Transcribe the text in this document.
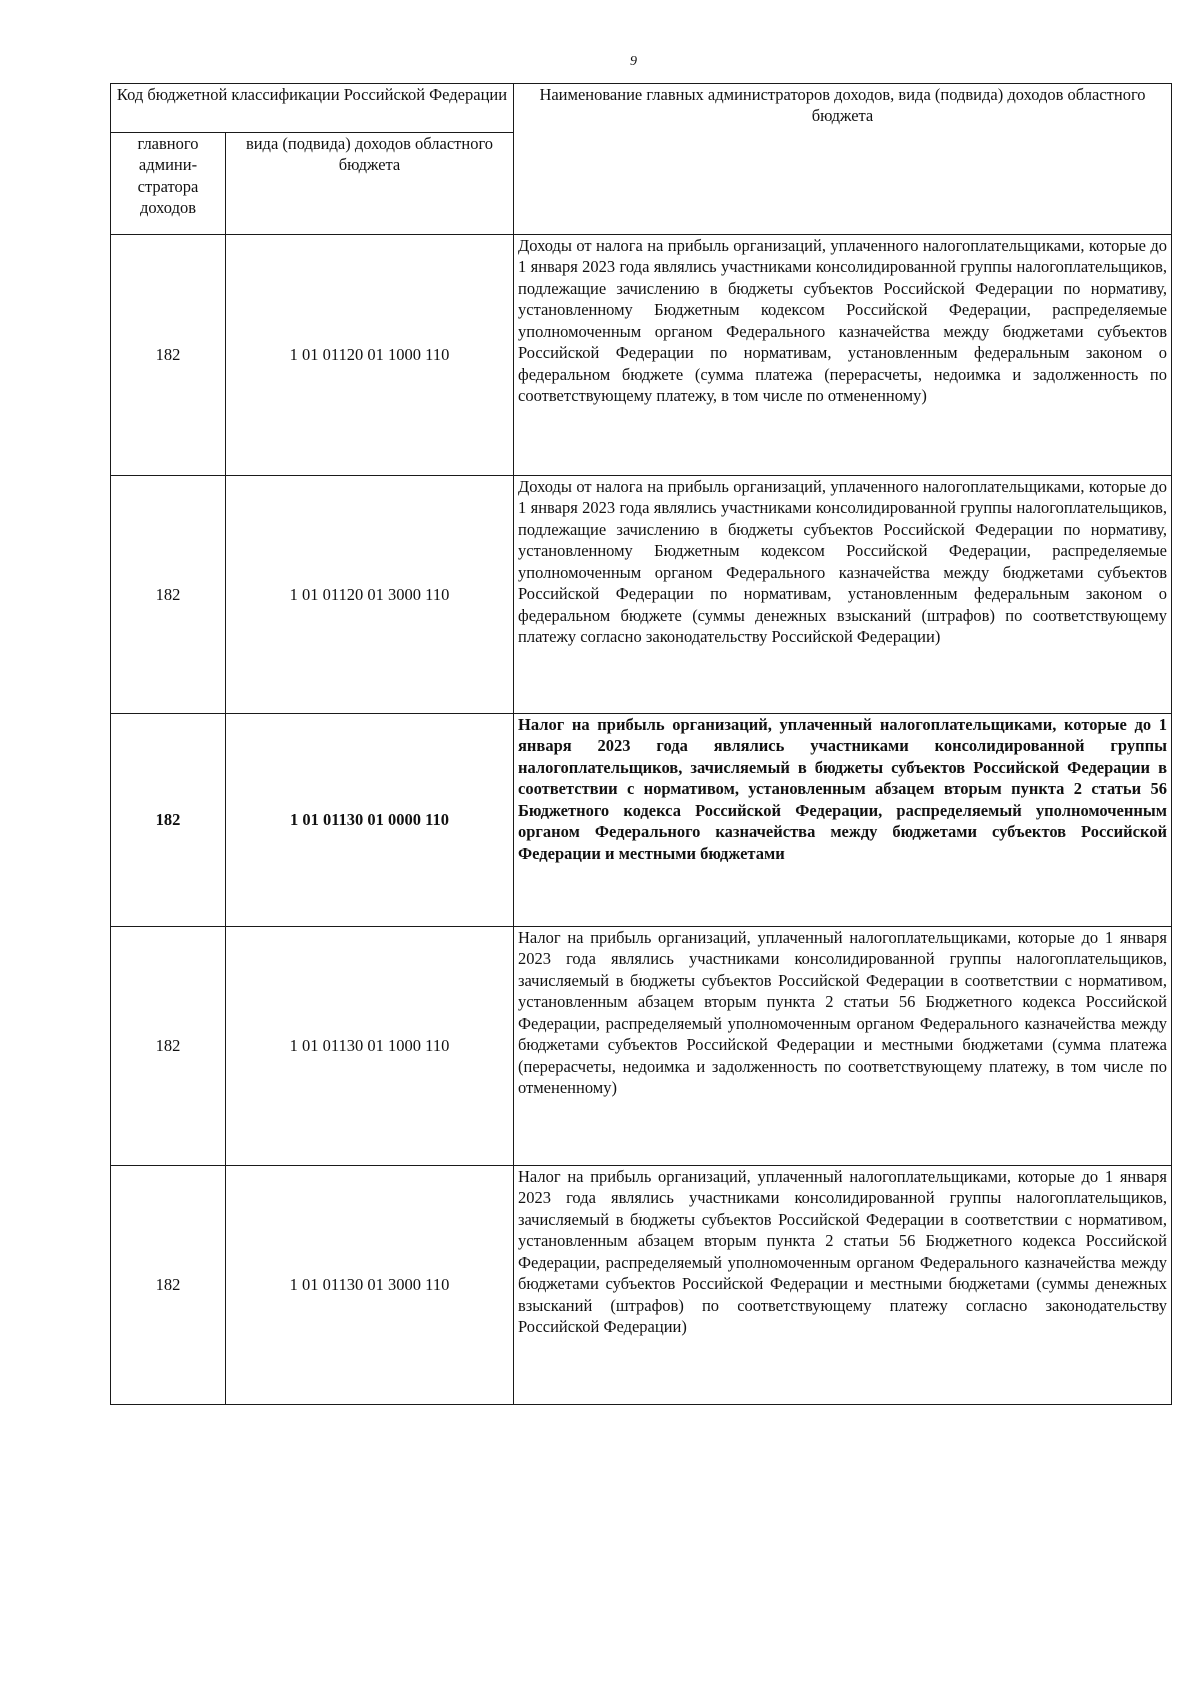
9
Код бюджетной классификации Российской Федерации		Наименование главных администраторов доходов, вида (подвида) доходов областного бюджета
главного админи- стратора доходов	вида (подвида) доходов областного бюджета	
182	1 01 01120 01 1000 110	Доходы от налога на прибыль организаций, уплаченного налогоплательщиками, которые до 1 января 2023 года являлись участниками консолидированной группы налогоплательщиков, подлежащие зачислению в бюджеты субъектов Российской Федерации по нормативу, установленному Бюджетным кодексом Российской Федерации, распределяемые уполномоченным органом Федерального казначейства между бюджетами субъектов Российской Федерации по нормативам, установленным федеральным законом о федеральном бюджете (сумма платежа (перерасчеты, недоимка и задолженность по соответствующему платежу, в том числе по отмененному)
182	1 01 01120 01 3000 110	Доходы от налога на прибыль организаций, уплаченного налогоплательщиками, которые до 1 января 2023 года являлись участниками консолидированной группы налогоплательщиков, подлежащие зачислению в бюджеты субъектов Российской Федерации по нормативу, установленному Бюджетным кодексом Российской Федерации, распределяемые уполномоченным органом Федерального казначейства между бюджетами субъектов Российской Федерации по нормативам, установленным федеральным законом о федеральном бюджете (суммы денежных взысканий (штрафов) по соответствующему платежу согласно законодательству Российской Федерации)
182	1 01 01130 01 0000 110	Налог на прибыль организаций, уплаченный налогоплательщиками, которые до 1 января 2023 года являлись участниками консолидированной группы налогоплательщиков, зачисляемый в бюджеты субъектов Российской Федерации в соответствии с нормативом, установленным абзацем вторым пункта 2 статьи 56 Бюджетного кодекса Российской Федерации, распределяемый уполномоченным органом Федерального казначейства между бюджетами субъектов Российской Федерации и местными бюджетами
182	1 01 01130 01 1000 110	Налог на прибыль организаций, уплаченный налогоплательщиками, которые до 1 января 2023 года являлись участниками консолидированной группы налогоплательщиков, зачисляемый в бюджеты субъектов Российской Федерации в соответствии с нормативом, установленным абзацем вторым пункта 2 статьи 56 Бюджетного кодекса Российской Федерации, распределяемый уполномоченным органом Федерального казначейства между бюджетами субъектов Российской Федерации и местными бюджетами (сумма платежа (перерасчеты, недоимка и задолженность по соответствующему платежу, в том числе по отмененному)
182	1 01 01130 01 3000 110	Налог на прибыль организаций, уплаченный налогоплательщиками, которые до 1 января 2023 года являлись участниками консолидированной группы налогоплательщиков, зачисляемый в бюджеты субъектов Российской Федерации в соответствии с нормативом, установленным абзацем вторым пункта 2 статьи 56 Бюджетного кодекса Российской Федерации, распределяемый уполномоченным органом Федерального казначейства между бюджетами субъектов Российской Федерации и местными бюджетами (суммы денежных взысканий (штрафов) по соответствующему платежу согласно законодательству Российской Федерации)
